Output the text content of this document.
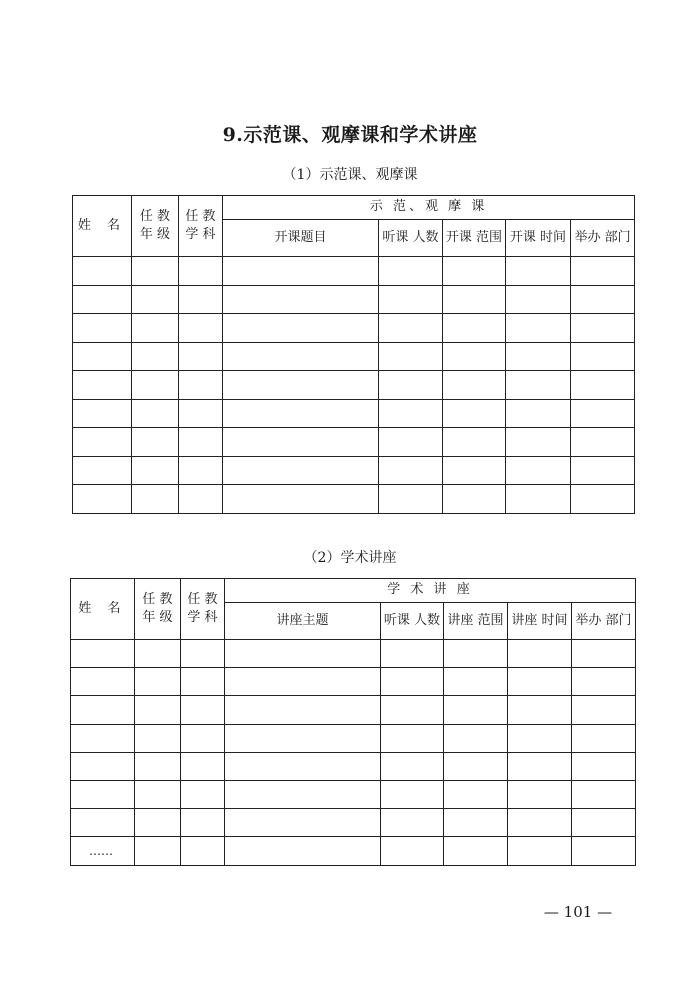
9.示范课、观摩课和学术讲座
（1）示范课、观摩课
姓 名	任 教 年 级	任 教 学 科	示 范、观 摩 课				
			开课题目	听课 人数	开课 范围	开课 时间	举办 部门

（2）学术讲座
姓 名	任 教 年 级	任 教 学 科	学 术 讲 座				
			讲座主题	听课 人数	讲座 范围	讲座 时间	举办 部门

……							
— 101 —
